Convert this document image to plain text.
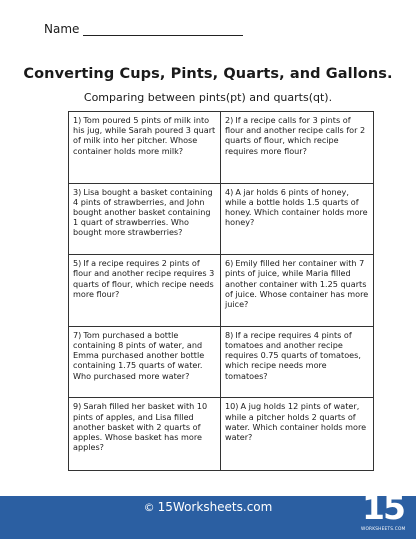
Name
Converting Cups, Pints, Quarts, and Gallons.
Comparing between pints(pt) and quarts(qt).
1) Tom poured 5 pints of milk into his jug, while Sarah poured 3 quart of milk into her pitcher. Whose container holds more milk?
2) If a recipe calls for 3 pints of flour and another recipe calls for 2 quarts of flour, which recipe requires more flour?
3) Lisa bought a basket containing 4 pints of strawberries, and John bought another basket containing 1 quart of strawberries. Who bought more strawberries?
4) A jar holds 6 pints of honey, while a bottle holds 1.5 quarts of honey. Which container holds more honey?
5) If a recipe requires 2 pints of flour and another recipe requires 3 quarts of flour, which recipe needs more flour?
6) Emily filled her container with 7 pints of juice, while Maria filled another container with 1.25 quarts of juice. Whose container has more juice?
7) Tom purchased a bottle containing 8 pints of water, and Emma purchased another bottle containing 1.75 quarts of water. Who purchased more water?
8) If a recipe requires 4 pints of tomatoes and another recipe requires 0.75 quarts of tomatoes, which recipe needs more tomatoes?
9) Sarah filled her basket with 10 pints of apples, and Lisa filled another basket with 2 quarts of apples. Whose basket has more apples?
10) A jug holds 12 pints of water, while a pitcher holds 2 quarts of water. Which container holds more water?
© 15Worksheets.com	15
WORKSHEETS.COM
